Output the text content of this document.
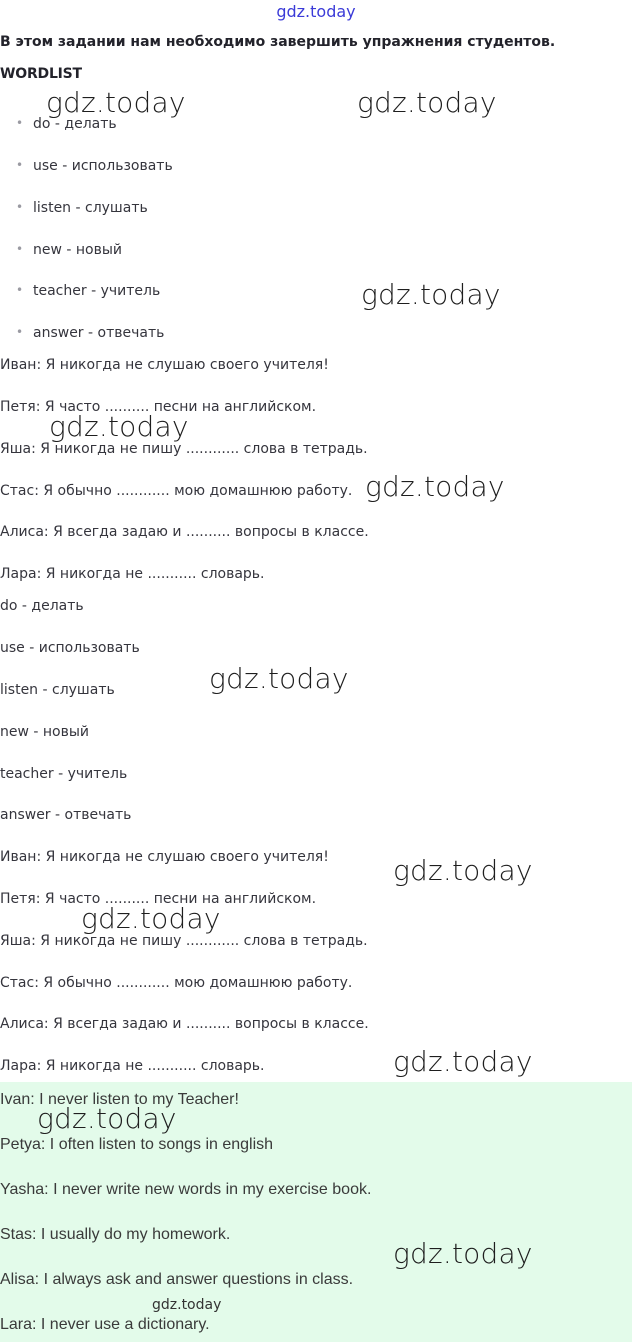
gdz.today
В этом задании нам необходимо завершить упражнения студентов.
WORDLIST
• do - делать
• use - использовать
• listen - слушать
• new - новый
• teacher - учитель
• answer - отвечать
Иван: Я никогда не слушаю своего учителя!
Петя: Я часто .......... песни на английском.
Яша: Я никогда не пишу ............ слова в тетрадь.
Стас: Я обычно ............ мою домашнюю работу.
Алиса: Я всегда задаю и .......... вопросы в классе.
Лара: Я никогда не ........... словарь.
do - делать
use - использовать
listen - слушать
new - новый
teacher - учитель
answer - отвечать
Иван: Я никогда не слушаю своего учителя!
Петя: Я часто .......... песни на английском.
Яша: Я никогда не пишу ............ слова в тетрадь.
Стас: Я обычно ............ мою домашнюю работу.
Алиса: Я всегда задаю и .......... вопросы в классе.
Лара: Я никогда не ........... словарь.
Ivan: I never listen to my Teacher!
Petya: I often listen to songs in english
Yasha: I never write new words in my exercise book.
Stas: I usually do my homework.
Alisa: I always ask and answer questions in class.
Lara: I never use a dictionary.
gdz.today	gdz.today
gdz.today
gdz.today
gdz.today
gdz.today
gdz.today
gdz.today
gdz.today
gdz.today
gdz.today
gdz.today
